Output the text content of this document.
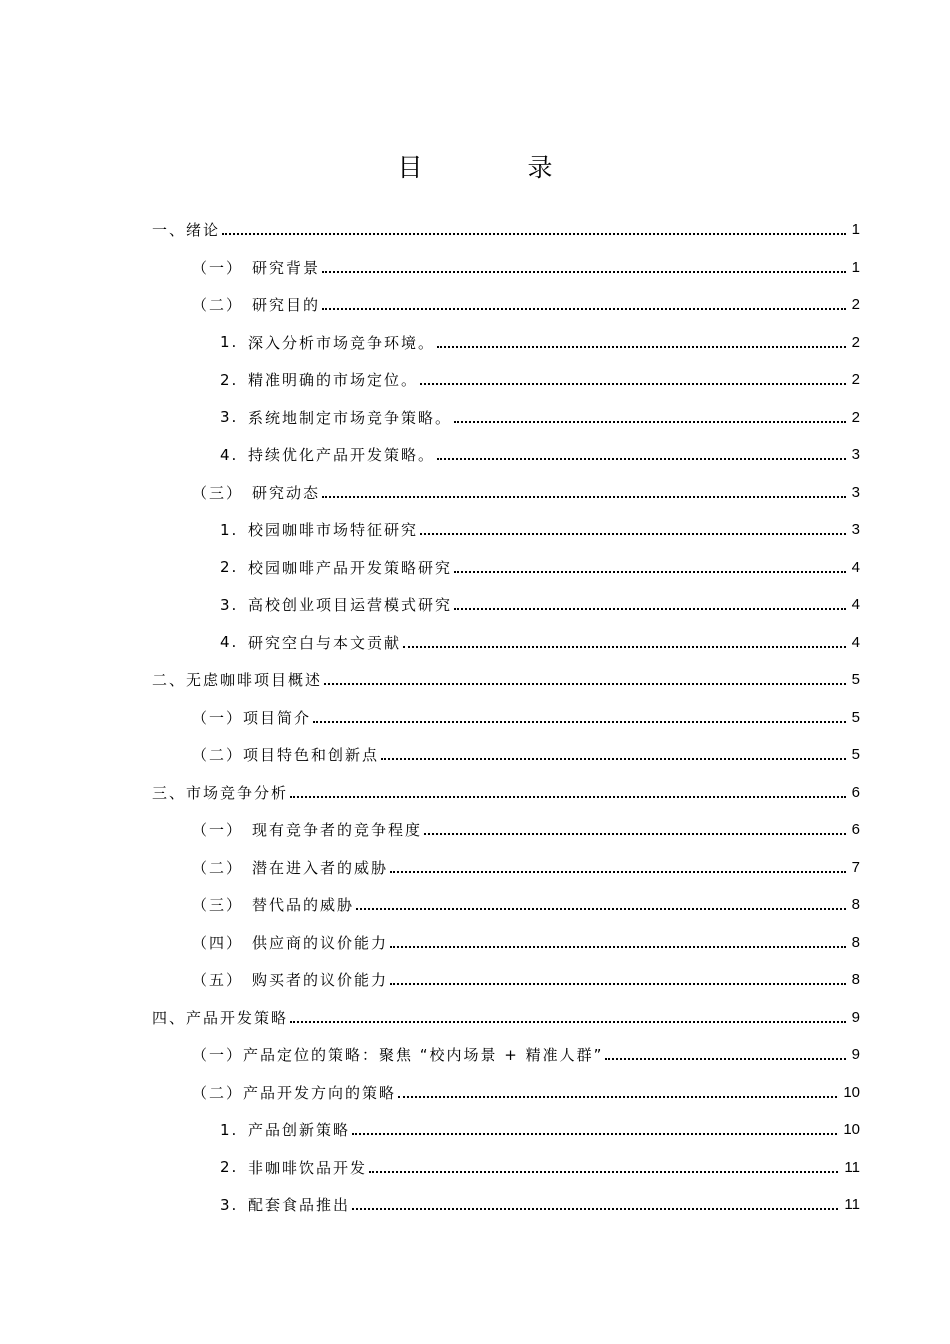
目　录
一、绪论	1
（一） 研究背景	1
（二） 研究目的	2
1. 深入分析市场竞争环境。	2
2. 精准明确的市场定位。	2
3. 系统地制定市场竞争策略。	2
4. 持续优化产品开发策略。	3
（三） 研究动态	3
1. 校园咖啡市场特征研究	3
2. 校园咖啡产品开发策略研究	4
3. 高校创业项目运营模式研究	4
4. 研究空白与本文贡献	4
二、无虑咖啡项目概述	5
（一）项目简介	5
（二）项目特色和创新点	5
三、市场竞争分析	6
（一） 现有竞争者的竞争程度	6
（二） 潜在进入者的威胁	7
（三） 替代品的威胁	8
（四） 供应商的议价能力	8
（五） 购买者的议价能力	8
四、产品开发策略	9
（一）产品定位的策略：聚焦 “校内场景 + 精准人群”	9
（二）产品开发方向的策略	10
1. 产品创新策略	10
2. 非咖啡饮品开发	11
3. 配套食品推出	11
